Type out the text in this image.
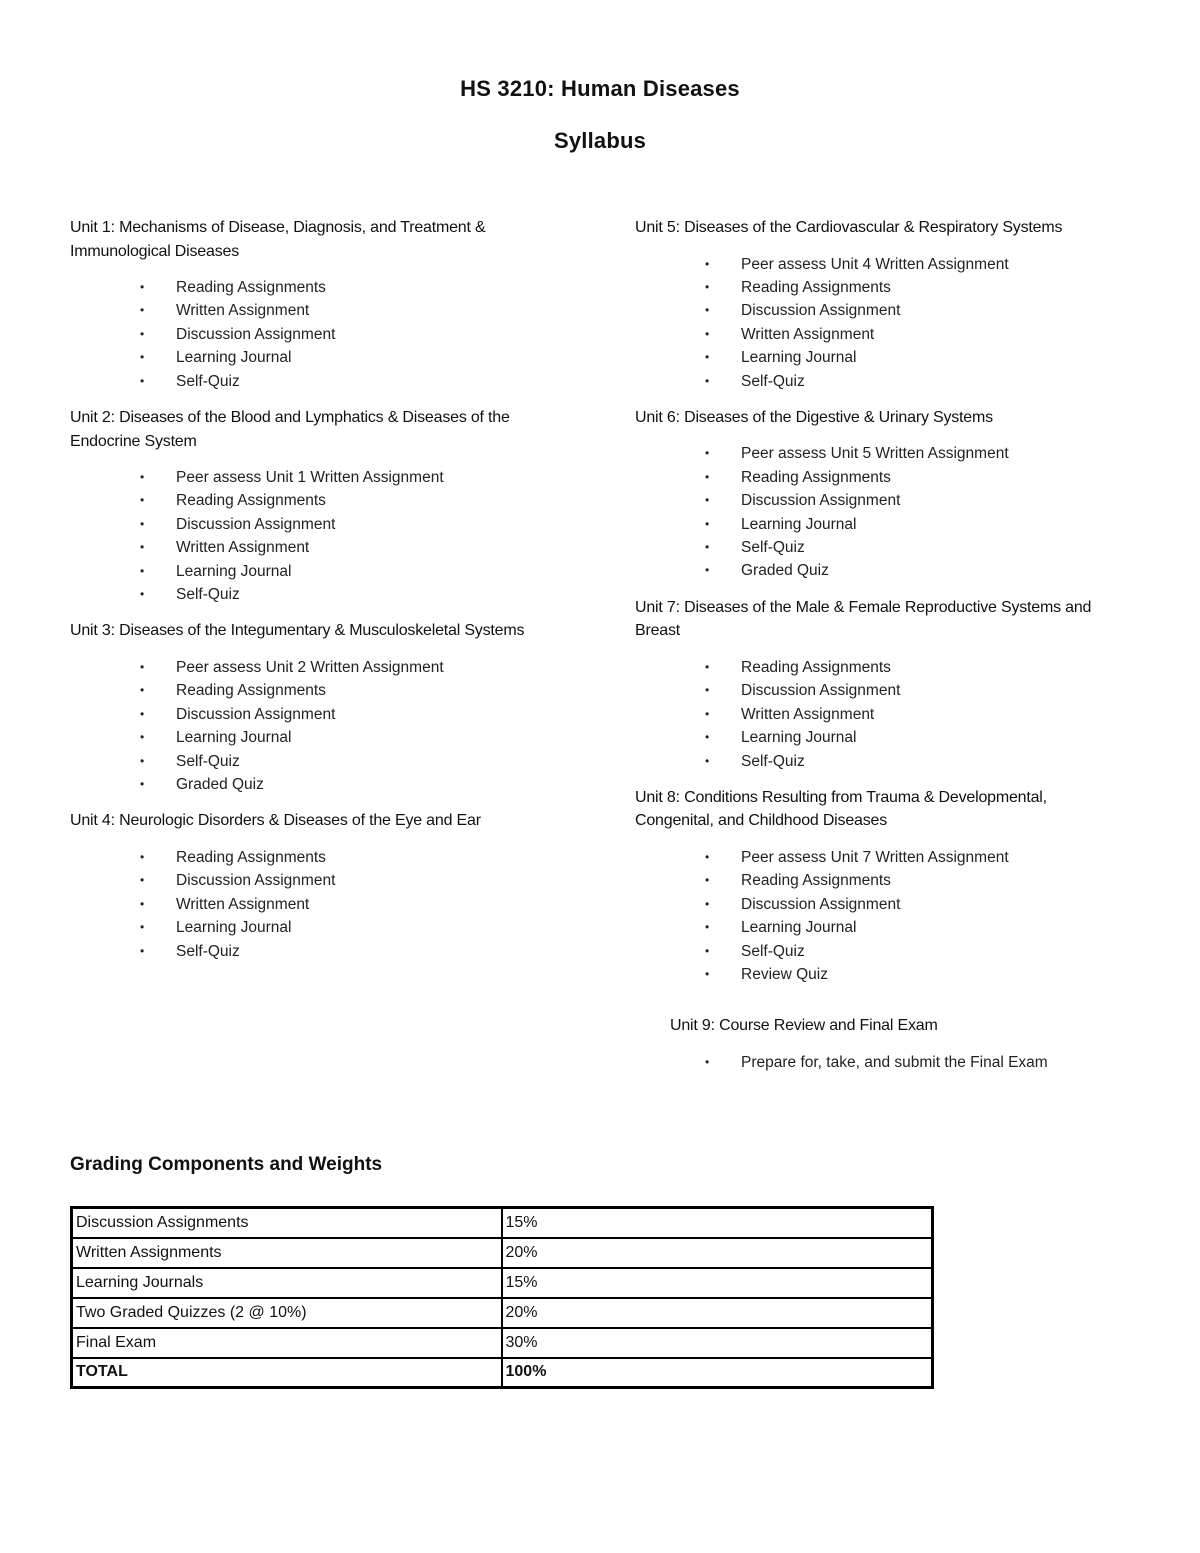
HS 3210: Human Diseases
Syllabus
Unit 1: Mechanisms of Disease, Diagnosis, and Treatment & Immunological Diseases
• Reading Assignments
• Written Assignment
• Discussion Assignment
• Learning Journal
• Self-Quiz
Unit 2: Diseases of the Blood and Lymphatics & Diseases of the Endocrine System
• Peer assess Unit 1 Written Assignment
• Reading Assignments
• Discussion Assignment
• Written Assignment
• Learning Journal
• Self-Quiz
Unit 3: Diseases of the Integumentary & Musculoskeletal Systems
• Peer assess Unit 2 Written Assignment
• Reading Assignments
• Discussion Assignment
• Learning Journal
• Self-Quiz
• Graded Quiz
Unit 4: Neurologic Disorders & Diseases of the Eye and Ear
• Reading Assignments
• Discussion Assignment
• Written Assignment
• Learning Journal
• Self-Quiz
Unit 5: Diseases of the Cardiovascular & Respiratory Systems
• Peer assess Unit 4 Written Assignment
• Reading Assignments
• Discussion Assignment
• Written Assignment
• Learning Journal
• Self-Quiz
Unit 6: Diseases of the Digestive & Urinary Systems
• Peer assess Unit 5 Written Assignment
• Reading Assignments
• Discussion Assignment
• Learning Journal
• Self-Quiz
• Graded Quiz
Unit 7: Diseases of the Male & Female Reproductive Systems and Breast
• Reading Assignments
• Discussion Assignment
• Written Assignment
• Learning Journal
• Self-Quiz
Unit 8: Conditions Resulting from Trauma & Developmental, Congenital, and Childhood Diseases
• Peer assess Unit 7 Written Assignment
• Reading Assignments
• Discussion Assignment
• Learning Journal
• Self-Quiz
• Review Quiz
Unit 9: Course Review and Final Exam
• Prepare for, take, and submit the Final Exam
Grading Components and Weights
Discussion Assignments	15%
Written Assignments	20%
Learning Journals	15%
Two Graded Quizzes (2 @ 10%)	20%
Final Exam	30%
TOTAL	100%
